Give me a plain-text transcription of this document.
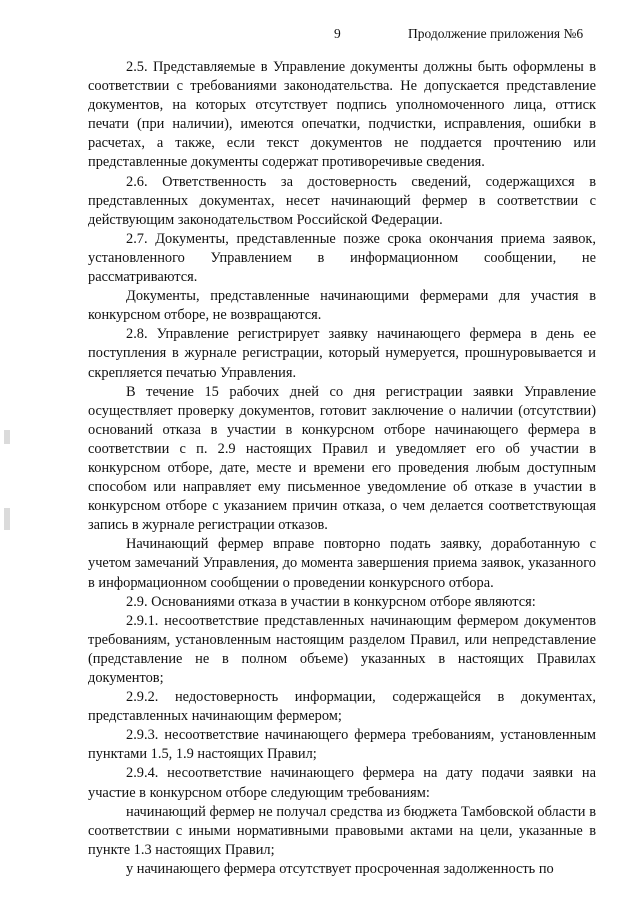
9	Продолжение приложения №6

2.5. Представляемые в Управление документы должны быть оформлены в соответствии с требованиями законодательства. Не допускается представление документов, на которых отсутствует подпись уполномоченного лица, оттиск печати (при наличии), имеются опечатки, подчистки, исправления, ошибки в расчетах, а также, если текст документов не поддается прочтению или представленные документы содержат противоречивые сведения.

2.6. Ответственность за достоверность сведений, содержащихся в представленных документах, несет начинающий фермер в соответствии с действующим законодательством Российской Федерации.

2.7. Документы, представленные позже срока окончания приема заявок, установленного Управлением в информационном сообщении, не рассматриваются.

Документы, представленные начинающими фермерами для участия в конкурсном отборе, не возвращаются.

2.8. Управление регистрирует заявку начинающего фермера в день ее поступления в журнале регистрации, который нумеруется, прошнуровывается и скрепляется печатью Управления.

В течение 15 рабочих дней со дня регистрации заявки Управление осуществляет проверку документов, готовит заключение о наличии (отсутствии) оснований отказа в участии в конкурсном отборе начинающего фермера в соответствии с п. 2.9 настоящих Правил и уведомляет его об участии в конкурсном отборе, дате, месте и времени его проведения любым доступным способом или направляет ему письменное уведомление об отказе в участии в конкурсном отборе с указанием причин отказа, о чем делается соответствующая запись в журнале регистрации отказов.

Начинающий фермер вправе повторно подать заявку, доработанную с учетом замечаний Управления, до момента завершения приема заявок, указанного в информационном сообщении о проведении конкурсного отбора.

2.9. Основаниями отказа в участии в конкурсном отборе являются:

2.9.1. несоответствие представленных начинающим фермером документов требованиям, установленным настоящим разделом Правил, или непредставление (представление не в полном объеме) указанных в настоящих Правилах документов;

2.9.2. недостоверность информации, содержащейся в документах, представленных начинающим фермером;

2.9.3. несоответствие начинающего фермера требованиям, установленным пунктами 1.5, 1.9 настоящих Правил;

2.9.4. несоответствие начинающего фермера на дату подачи заявки на участие в конкурсном отборе следующим требованиям:

начинающий фермер не получал средства из бюджета Тамбовской области в соответствии с иными нормативными правовыми актами на цели, указанные в пункте 1.3 настоящих Правил;

у начинающего фермера отсутствует просроченная задолженность по
